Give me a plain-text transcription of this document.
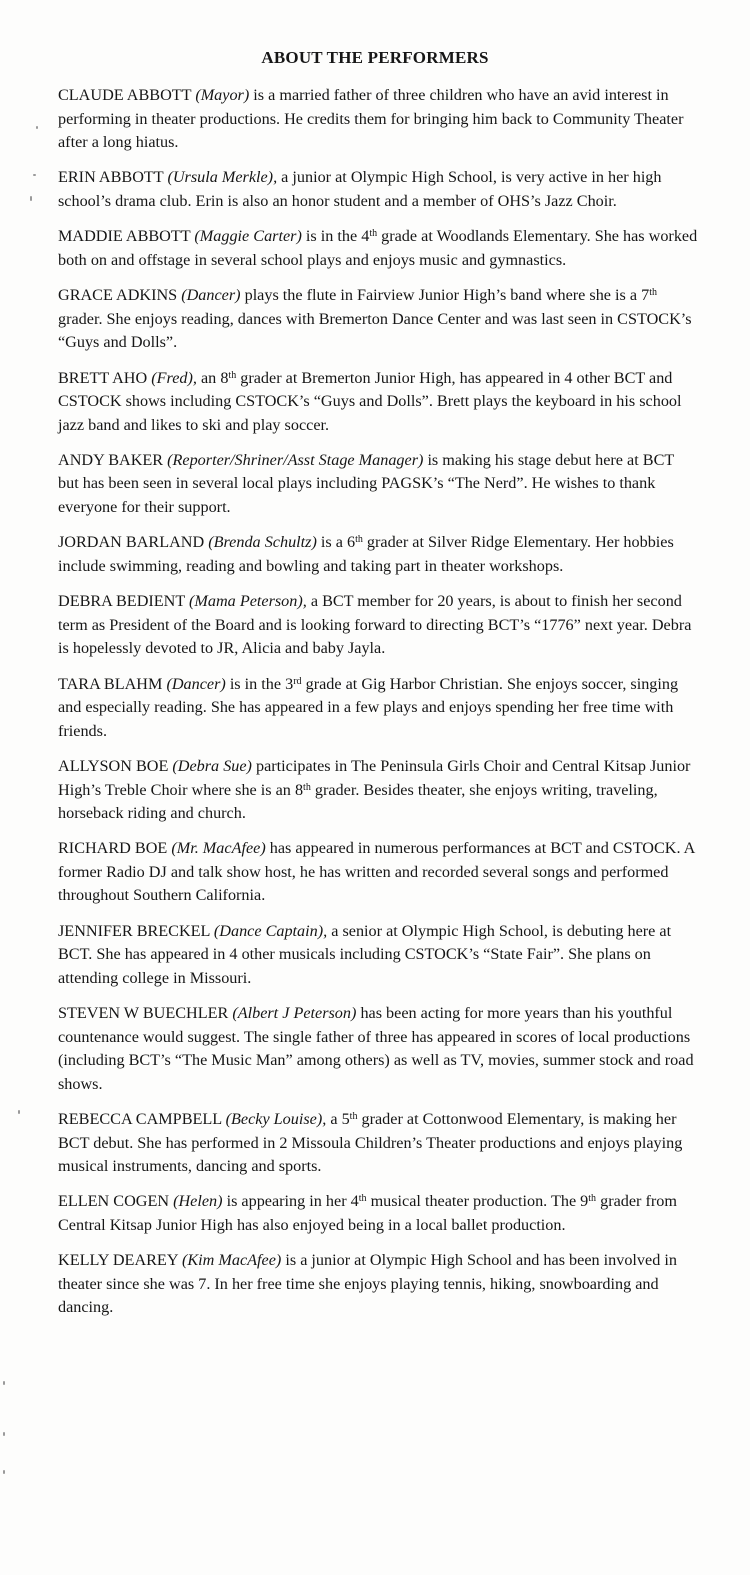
ABOUT THE PERFORMERS

CLAUDE ABBOTT (Mayor) is a married father of three children who have an avid interest in performing in theater productions. He credits them for bringing him back to Community Theater after a long hiatus.

ERIN ABBOTT (Ursula Merkle), a junior at Olympic High School, is very active in her high school’s drama club. Erin is also an honor student and a member of OHS’s Jazz Choir.

MADDIE ABBOTT (Maggie Carter) is in the 4th grade at Woodlands Elementary. She has worked both on and offstage in several school plays and enjoys music and gymnastics.

GRACE ADKINS (Dancer) plays the flute in Fairview Junior High’s band where she is a 7th grader. She enjoys reading, dances with Bremerton Dance Center and was last seen in CSTOCK’s “Guys and Dolls”.

BRETT AHO (Fred), an 8th grader at Bremerton Junior High, has appeared in 4 other BCT and CSTOCK shows including CSTOCK’s “Guys and Dolls”. Brett plays the keyboard in his school jazz band and likes to ski and play soccer.

ANDY BAKER (Reporter/Shriner/Asst Stage Manager) is making his stage debut here at BCT but has been seen in several local plays including PAGSK’s “The Nerd”. He wishes to thank everyone for their support.

JORDAN BARLAND (Brenda Schultz) is a 6th grader at Silver Ridge Elementary. Her hobbies include swimming, reading and bowling and taking part in theater workshops.

DEBRA BEDIENT (Mama Peterson), a BCT member for 20 years, is about to finish her second term as President of the Board and is looking forward to directing BCT’s “1776” next year. Debra is hopelessly devoted to JR, Alicia and baby Jayla.

TARA BLAHM (Dancer) is in the 3rd grade at Gig Harbor Christian. She enjoys soccer, singing and especially reading. She has appeared in a few plays and enjoys spending her free time with friends.

ALLYSON BOE (Debra Sue) participates in The Peninsula Girls Choir and Central Kitsap Junior High’s Treble Choir where she is an 8th grader. Besides theater, she enjoys writing, traveling, horseback riding and church.

RICHARD BOE (Mr. MacAfee) has appeared in numerous performances at BCT and CSTOCK. A former Radio DJ and talk show host, he has written and recorded several songs and performed throughout Southern California.

JENNIFER BRECKEL (Dance Captain), a senior at Olympic High School, is debuting here at BCT. She has appeared in 4 other musicals including CSTOCK’s “State Fair”. She plans on attending college in Missouri.

STEVEN W BUECHLER (Albert J Peterson) has been acting for more years than his youthful countenance would suggest. The single father of three has appeared in scores of local productions (including BCT’s “The Music Man” among others) as well as TV, movies, summer stock and road shows.

REBECCA CAMPBELL (Becky Louise), a 5th grader at Cottonwood Elementary, is making her BCT debut. She has performed in 2 Missoula Children’s Theater productions and enjoys playing musical instruments, dancing and sports.

ELLEN COGEN (Helen) is appearing in her 4th musical theater production. The 9th grader from Central Kitsap Junior High has also enjoyed being in a local ballet production.

KELLY DEAREY (Kim MacAfee) is a junior at Olympic High School and has been involved in theater since she was 7. In her free time she enjoys playing tennis, hiking, snowboarding and dancing.
